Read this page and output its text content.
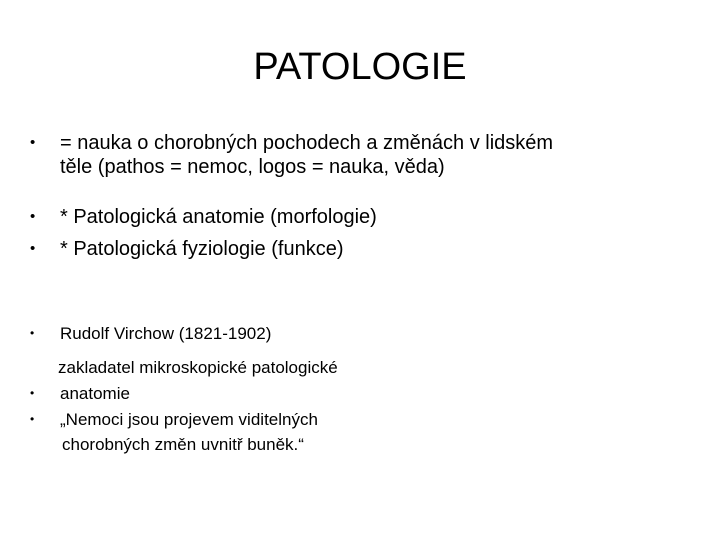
PATOLOGIE
•	= nauka o chorobných pochodech a změnách v lidském
těle (pathos = nemoc, logos = nauka, věda)
•	* Patologická anatomie (morfologie)
•	* Patologická fyziologie (funkce)
•	Rudolf Virchow (1821-1902)

zakladatel mikroskopické patologické

•	anatomie
•	„Nemoci jsou projevem viditelných

chorobných změn uvnitř buněk.“
